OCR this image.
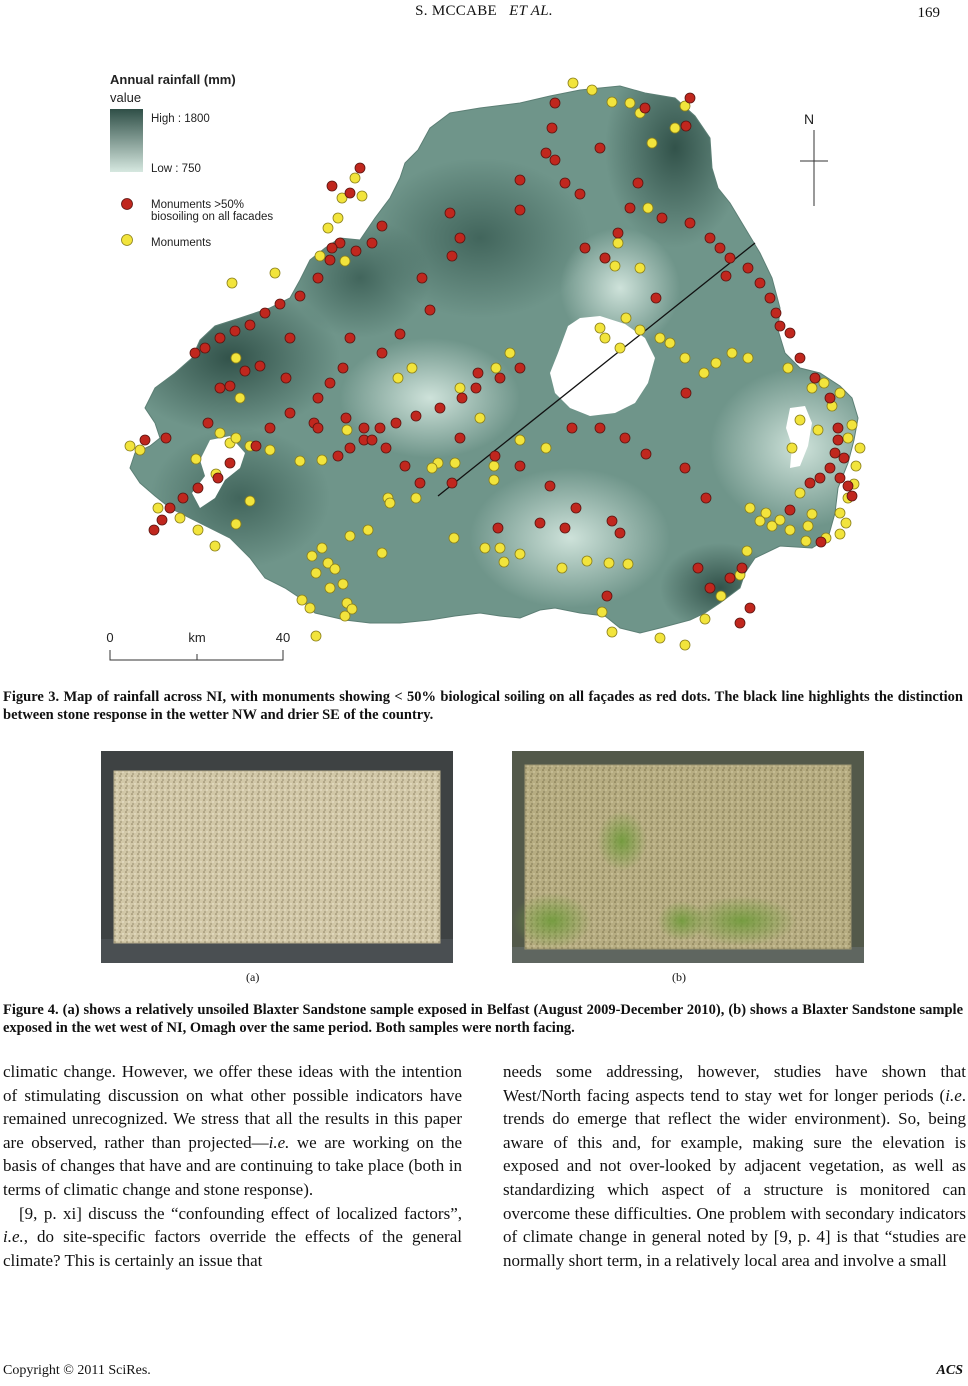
S. MCCABE ET AL.	169
Annual rainfall (mm)
value
High : 1800
Low : 750
Monuments >50%
biosoiling on all facades
Monuments
N
0	km	40
Figure 3. Map of rainfall across NI, with monuments showing < 50% biological soiling on all façades as red dots. The black line highlights the distinction between stone response in the wetter NW and drier SE of the country.
(a)	(b)
Figure 4. (a) shows a relatively unsoiled Blaxter Sandstone sample exposed in Belfast (August 2009-December 2010), (b) shows a Blaxter Sandstone sample exposed in the wet west of NI, Omagh over the same period. Both samples were north facing.

climatic change. However, we offer these ideas with the intention of stimulating discussion on what other possible indicators have remained unrecognized. We stress that all the results in this paper are observed, rather than projected―i.e. we are working on the basis of changes that have and are continuing to take place (both in terms of climatic change and stone response).

[9, p. xi] discuss the “confounding effect of localized factors”, i.e., do site-specific factors override the effects of the general climate? This is certainly an issue that

needs some addressing, however, studies have shown that West/North facing aspects tend to stay wet for longer periods (i.e. trends do emerge that reflect the wider environment). So, being aware of this and, for example, making sure the elevation is exposed and not over-looked by adjacent vegetation, as well as standardizing which aspect of a structure is monitored can overcome these difficulties. One problem with secondary indicators of climate change in general noted by [9, p. 4] is that “studies are normally short term, in a relatively local area and involve a small

Copyright © 2011 SciRes.	ACS
